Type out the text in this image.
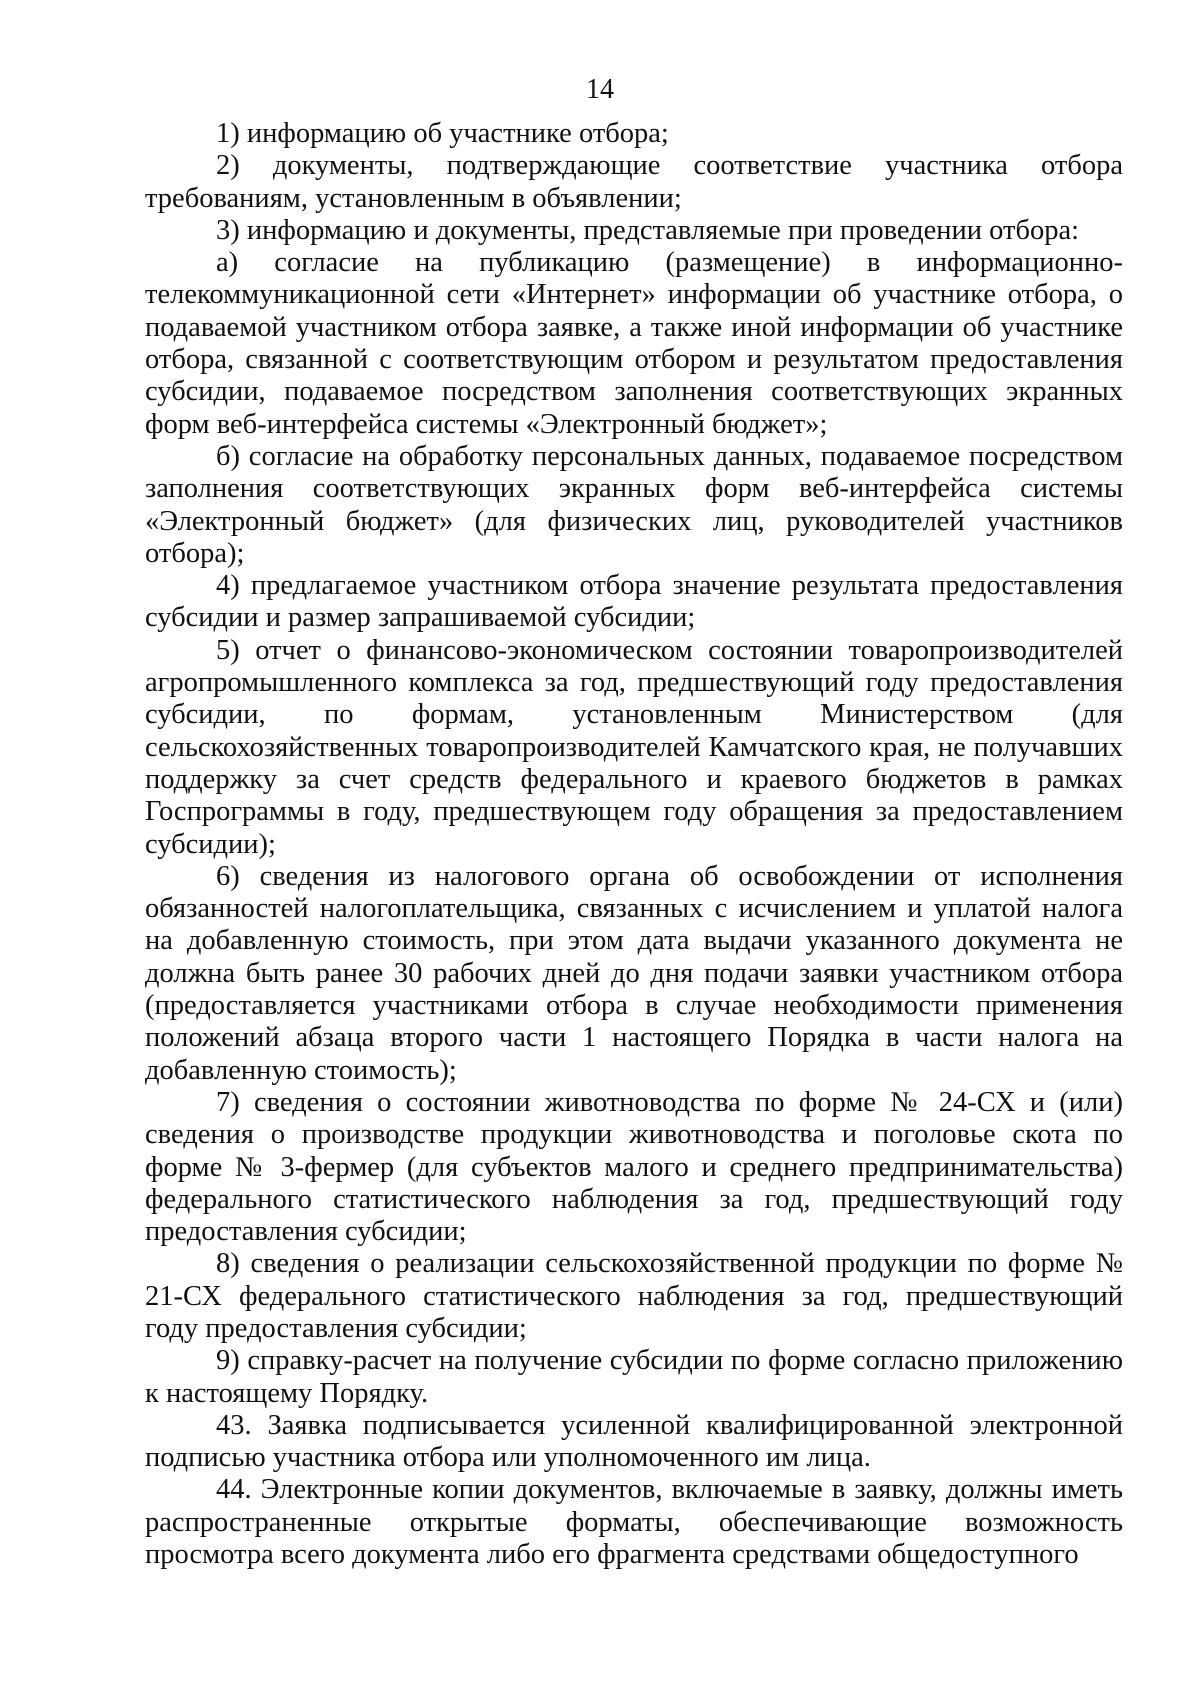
14

1) информацию об участнике отбора;

2) документы, подтверждающие соответствие участника отбора требованиям, установленным в объявлении;

3) информацию и документы, представляемые при проведении отбора:

а) согласие на публикацию (размещение) в информационно-телекоммуникационной сети «Интернет» информации об участнике отбора, о подаваемой участником отбора заявке, а также иной информации об участнике отбора, связанной с соответствующим отбором и результатом предоставления субсидии, подаваемое посредством заполнения соответствующих экранных форм веб-интерфейса системы «Электронный бюджет»;

б) согласие на обработку персональных данных, подаваемое посредством заполнения соответствующих экранных форм веб-интерфейса системы «Электронный бюджет» (для физических лиц, руководителей участников отбора);

4) предлагаемое участником отбора значение результата предоставления субсидии и размер запрашиваемой субсидии;

5) отчет о финансово-экономическом состоянии товаропроизводителей агропромышленного комплекса за год, предшествующий году предоставления субсидии, по формам, установленным Министерством (для сельскохозяйственных товаропроизводителей Камчатского края, не получавших поддержку за счет средств федерального и краевого бюджетов в рамках Госпрограммы в году, предшествующем году обращения за предоставлением субсидии);

6) сведения из налогового органа об освобождении от исполнения обязанностей налогоплательщика, связанных с исчислением и уплатой налога на добавленную стоимость, при этом дата выдачи указанного документа не должна быть ранее 30 рабочих дней до дня подачи заявки участником отбора (предоставляется участниками отбора в случае необходимости применения положений абзаца второго части 1 настоящего Порядка в части налога на добавленную стоимость);

7) сведения о состоянии животноводства по форме № 24-СХ и (или) сведения о производстве продукции животноводства и поголовье скота по форме № 3-фермер (для субъектов малого и среднего предпринимательства) федерального статистического наблюдения за год, предшествующий году предоставления субсидии;

8) сведения о реализации сельскохозяйственной продукции по форме № 21-СХ федерального статистического наблюдения за год, предшествующий году предоставления субсидии;

9) справку-расчет на получение субсидии по форме согласно приложению к настоящему Порядку.

43. Заявка подписывается усиленной квалифицированной электронной подписью участника отбора или уполномоченного им лица.

44. Электронные копии документов, включаемые в заявку, должны иметь распространенные открытые форматы, обеспечивающие возможность просмотра всего документа либо его фрагмента средствами общедоступного
